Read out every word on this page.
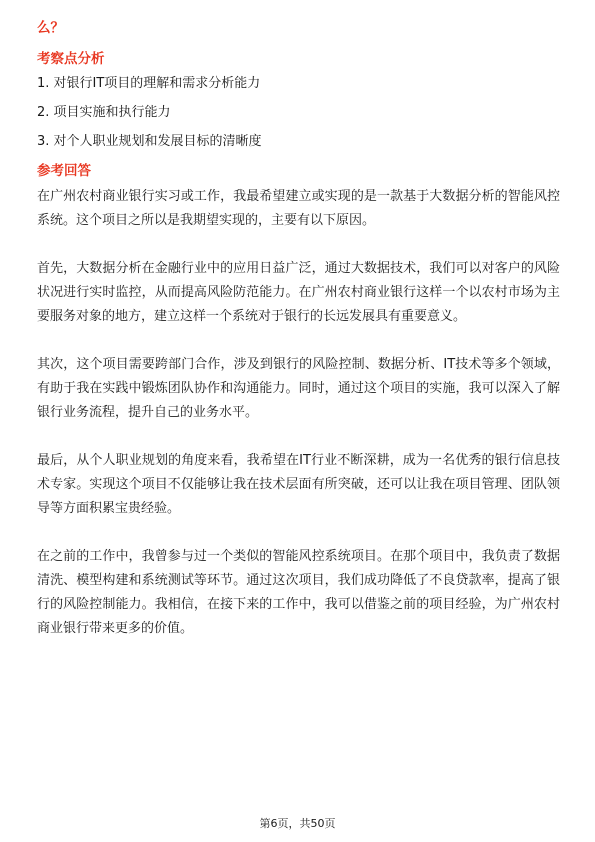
么？

考察点分析

1. 对银行IT项目的理解和需求分析能力

2. 项目实施和执行能力

3. 对个人职业规划和发展目标的清晰度

参考回答

在广州农村商业银行实习或工作，我最希望建立或实现的是一款基于大数据分析的智能风控系统。这个项目之所以是我期望实现的，主要有以下原因。

首先，大数据分析在金融行业中的应用日益广泛，通过大数据技术，我们可以对客户的风险状况进行实时监控，从而提高风险防范能力。在广州农村商业银行这样一个以农村市场为主要服务对象的地方，建立这样一个系统对于银行的长远发展具有重要意义。

其次，这个项目需要跨部门合作，涉及到银行的风险控制、数据分析、IT技术等多个领域，有助于我在实践中锻炼团队协作和沟通能力。同时，通过这个项目的实施，我可以深入了解银行业务流程，提升自己的业务水平。

最后，从个人职业规划的角度来看，我希望在IT行业不断深耕，成为一名优秀的银行信息技术专家。实现这个项目不仅能够让我在技术层面有所突破，还可以让我在项目管理、团队领导等方面积累宝贵经验。

在之前的工作中，我曾参与过一个类似的智能风控系统项目。在那个项目中，我负责了数据清洗、模型构建和系统测试等环节。通过这次项目，我们成功降低了不良贷款率，提高了银行的风险控制能力。我相信，在接下来的工作中，我可以借鉴之前的项目经验，为广州农村商业银行带来更多的价值。

第6页，共50页
